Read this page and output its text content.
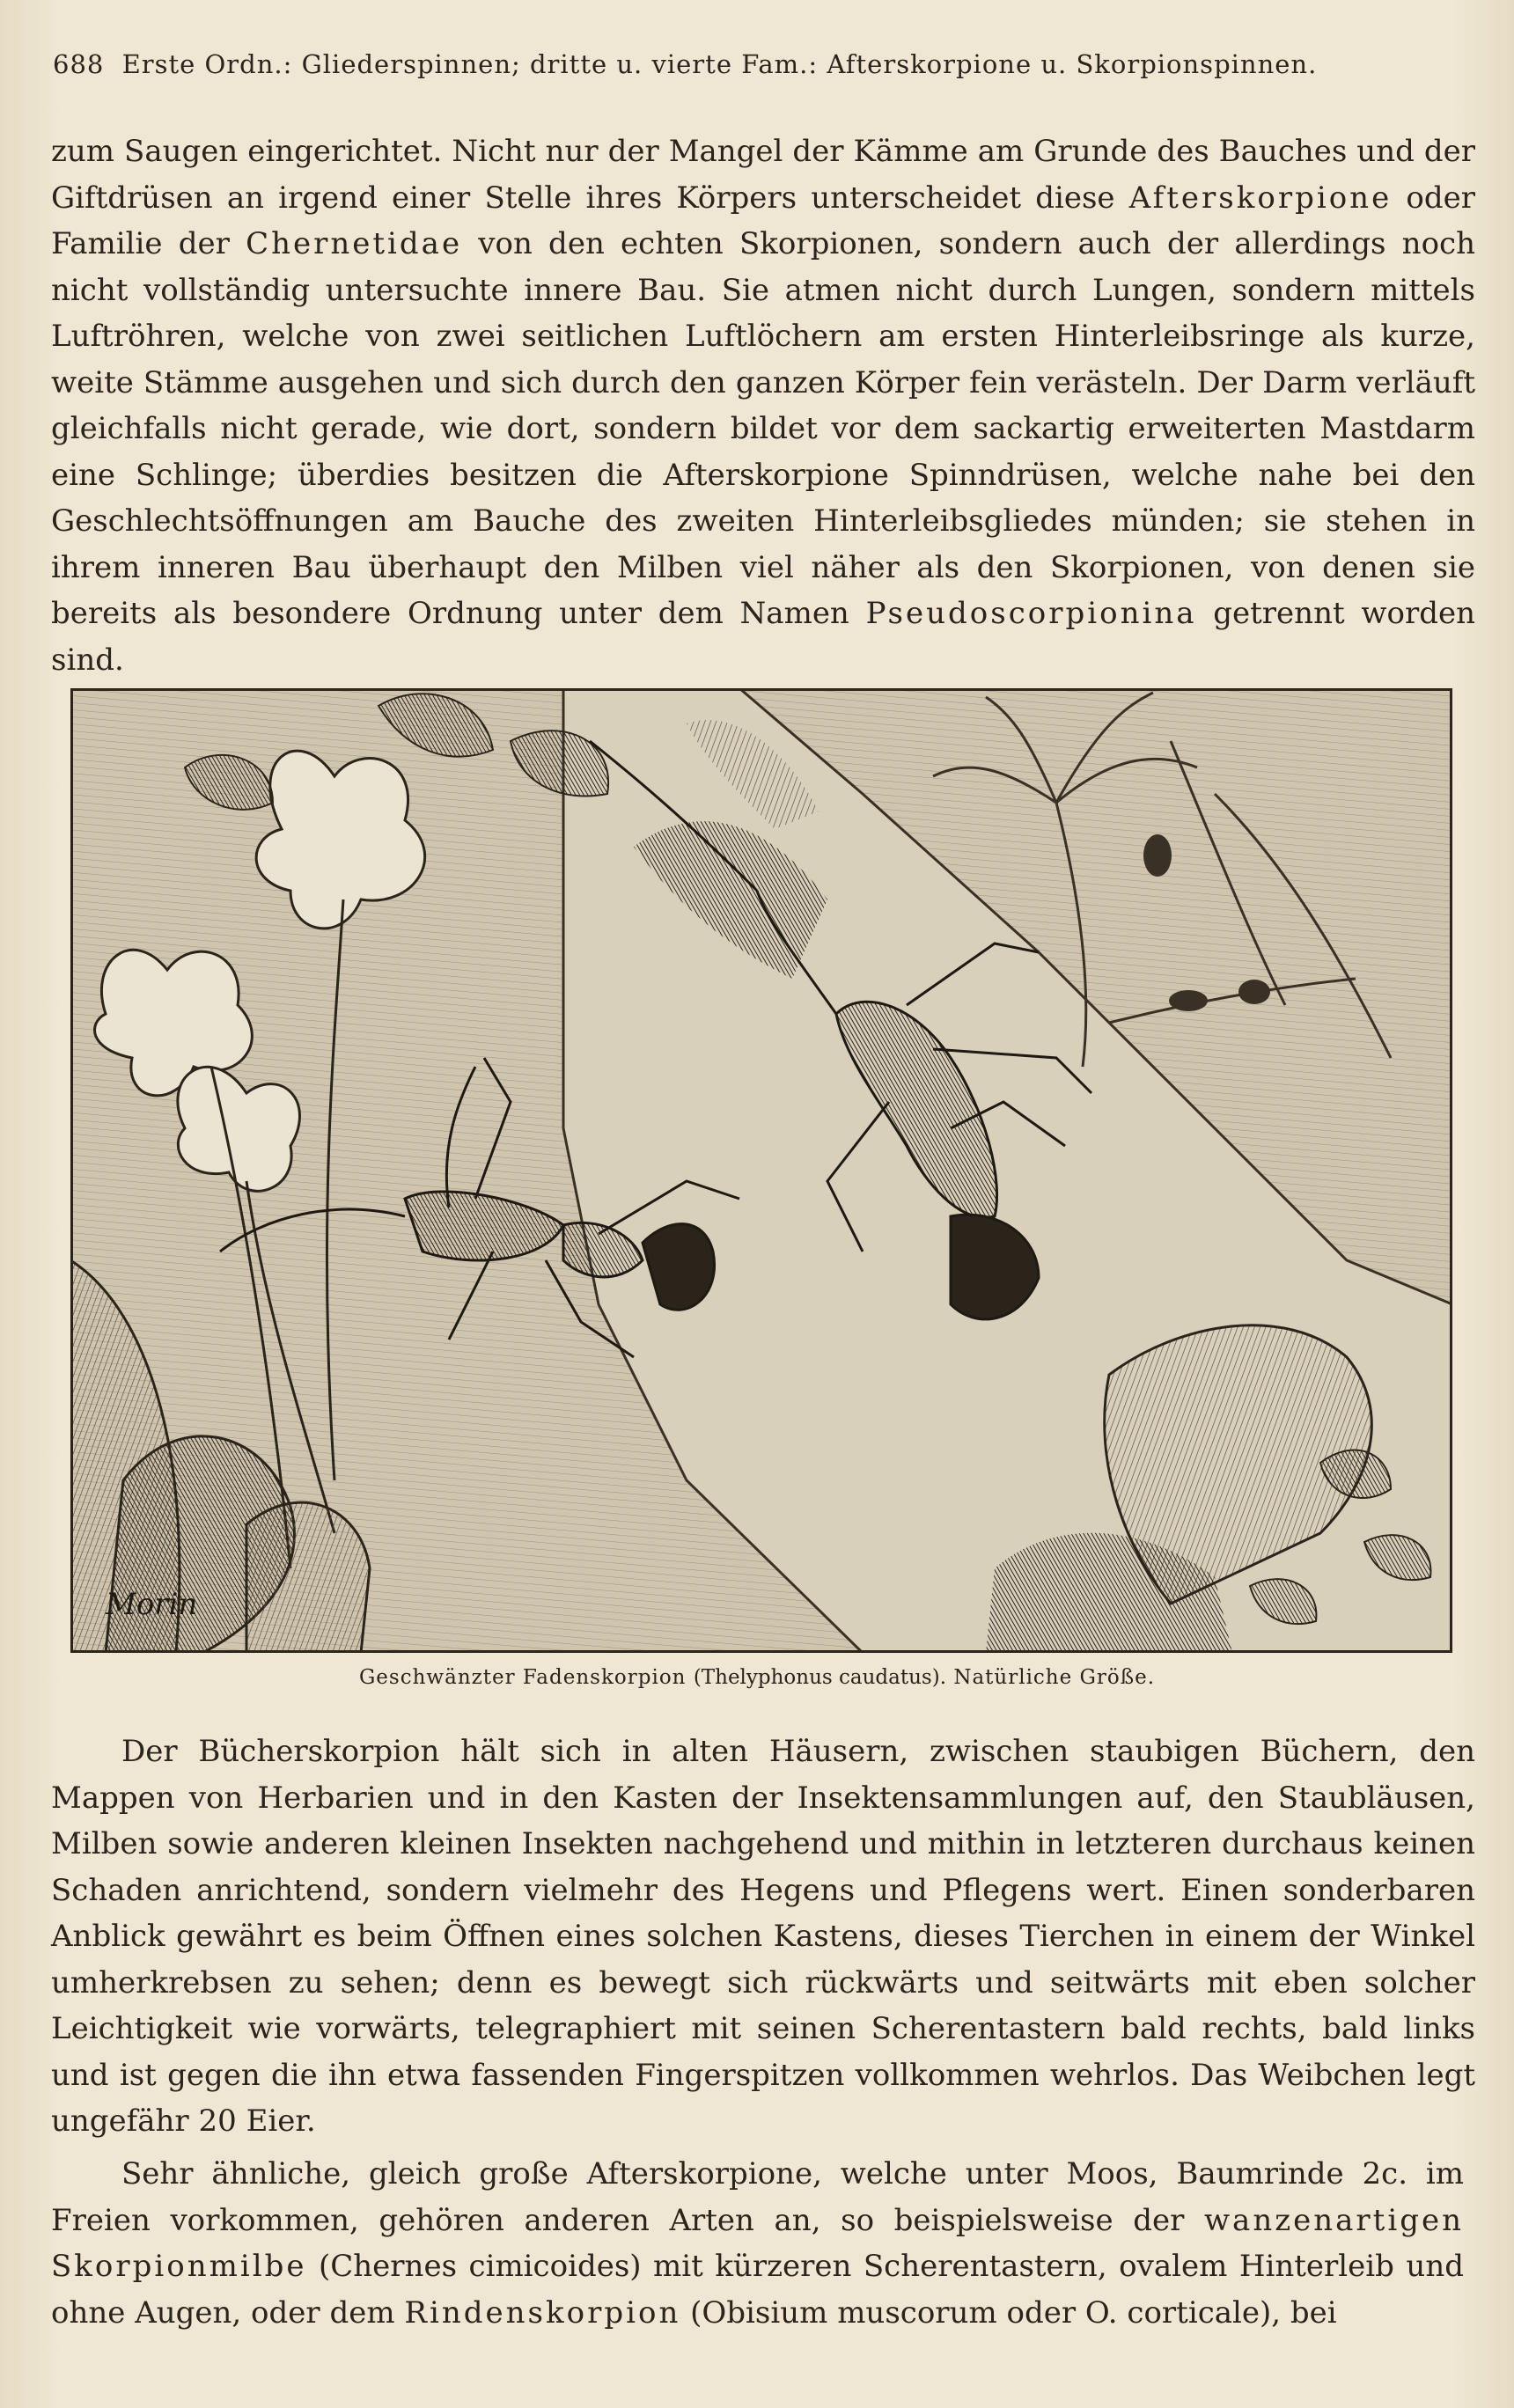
688 Erste Ordn.: Gliederspinnen; dritte u. vierte Fam.: Afterskorpione u. Skorpionspinnen.

zum Saugen eingerichtet. Nicht nur der Mangel der Kämme am Grunde des Bauches und der Giftdrüsen an irgend einer Stelle ihres Körpers unterscheidet diese Afterskorpione oder Familie der Chernetidae von den echten Skorpionen, sondern auch der allerdings noch nicht vollständig untersuchte innere Bau. Sie atmen nicht durch Lungen, sondern mittels Luftröhren, welche von zwei seitlichen Luftlöchern am ersten Hinterleibsringe als kurze, weite Stämme ausgehen und sich durch den ganzen Körper fein verästeln. Der Darm verläuft gleichfalls nicht gerade, wie dort, sondern bildet vor dem sackartig erweiterten Mastdarm eine Schlinge; überdies besitzen die Afterskorpione Spinndrüsen, welche nahe bei den Geschlechtsöffnungen am Bauche des zweiten Hinterleibsgliedes münden; sie stehen in ihrem inneren Bau überhaupt den Milben viel näher als den Skorpionen, von denen sie bereits als besondere Ordnung unter dem Namen Pseudoscorpionina getrennt worden sind.

Morin
Geschwänzter Fadenskorpion (Thelyphonus caudatus). Natürliche Größe.

Der Bücherskorpion hält sich in alten Häusern, zwischen staubigen Büchern, den Mappen von Herbarien und in den Kasten der Insektensammlungen auf, den Staubläusen, Milben sowie anderen kleinen Insekten nachgehend und mithin in letzteren durchaus keinen Schaden anrichtend, sondern vielmehr des Hegens und Pflegens wert. Einen sonderbaren Anblick gewährt es beim Öffnen eines solchen Kastens, dieses Tierchen in einem der Winkel umherkrebsen zu sehen; denn es bewegt sich rückwärts und seitwärts mit eben solcher Leichtigkeit wie vorwärts, telegraphiert mit seinen Scherentastern bald rechts, bald links und ist gegen die ihn etwa fassenden Fingerspitzen vollkommen wehrlos. Das Weibchen legt ungefähr 20 Eier.

Sehr ähnliche, gleich große Afterskorpione, welche unter Moos, Baumrinde 2c. im Freien vorkommen, gehören anderen Arten an, so beispielsweise der wanzenartigen Skorpionmilbe (Chernes cimicoides) mit kürzeren Scherentastern, ovalem Hinterleib und ohne Augen, oder dem Rindenskorpion (Obisium muscorum oder O. corticale), bei
